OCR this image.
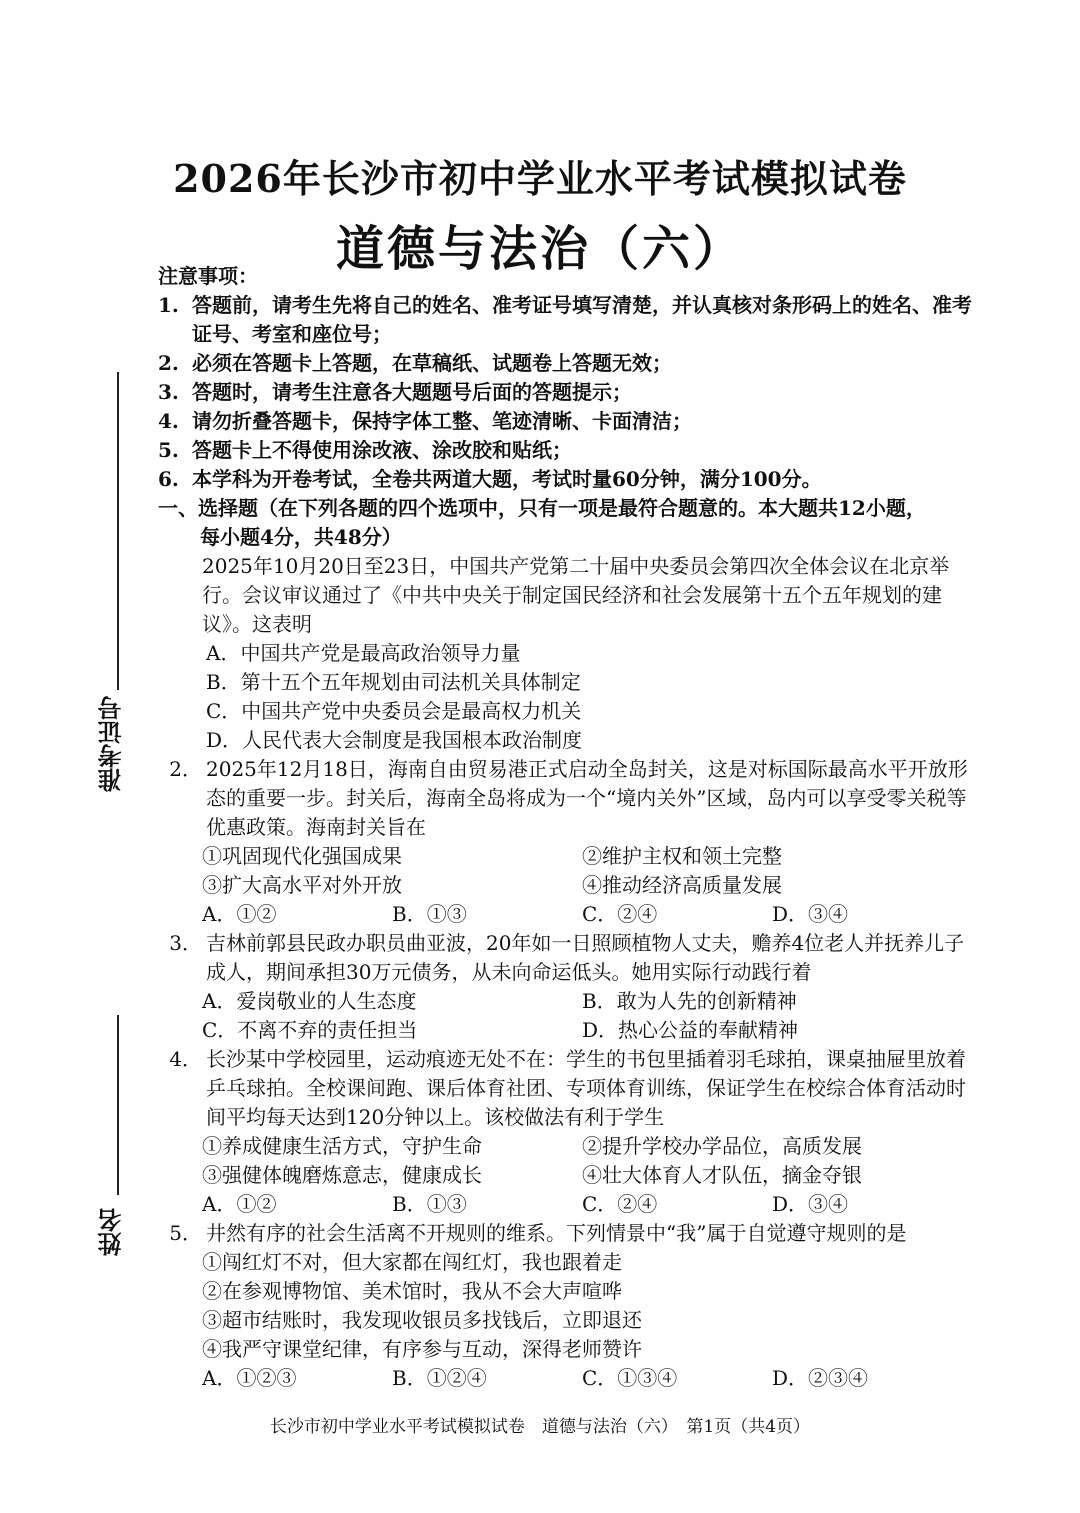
2026年长沙市初中学业水平考试模拟试卷
道德与法治（六）
准考证号
姓名
注意事项：
1. 答题前，请考生先将自己的姓名、准考证号填写清楚，并认真核对条形码上的姓名、准考证号、考室和座位号；
2. 必须在答题卡上答题，在草稿纸、试题卷上答题无效；
3. 答题时，请考生注意各大题题号后面的答题提示；
4. 请勿折叠答题卡，保持字体工整、笔迹清晰、卡面清洁；
5. 答题卡上不得使用涂改液、涂改胶和贴纸；
6. 本学科为开卷考试，全卷共两道大题，考试时量60分钟，满分100分。
一、选择题（在下列各题的四个选项中，只有一项是最符合题意的。本大题共12小题，
每小题4分，共48分）
2025年10月20日至23日，中国共产党第二十届中央委员会第四次全体会议在北京举行。会议审议通过了《中共中央关于制定国民经济和社会发展第十五个五年规划的建议》。这表明
A．中国共产党是最高政治领导力量
B．第十五个五年规划由司法机关具体制定
C．中国共产党中央委员会是最高权力机关
D．人民代表大会制度是我国根本政治制度
2． 2025年12月18日，海南自由贸易港正式启动全岛封关，这是对标国际最高水平开放形态的重要一步。封关后，海南全岛将成为一个“境内关外”区域，岛内可以享受零关税等优惠政策。海南封关旨在
①巩固现代化强国成果	②维护主权和领土完整
③扩大高水平对外开放	④推动经济高质量发展
A．①②	B．①③	C．②④	D．③④
3． 吉林前郭县民政办职员曲亚波，20年如一日照顾植物人丈夫，赡养4位老人并抚养儿子成人，期间承担30万元债务，从未向命运低头。她用实际行动践行着
A．爱岗敬业的人生态度	B．敢为人先的创新精神
C．不离不弃的责任担当	D．热心公益的奉献精神
4． 长沙某中学校园里，运动痕迹无处不在：学生的书包里插着羽毛球拍，课桌抽屉里放着乒乓球拍。全校课间跑、课后体育社团、专项体育训练，保证学生在校综合体育活动时间平均每天达到120分钟以上。该校做法有利于学生
①养成健康生活方式，守护生命	②提升学校办学品位，高质发展
③强健体魄磨炼意志，健康成长	④壮大体育人才队伍，摘金夺银
A．①②	B．①③	C．②④	D．③④
5． 井然有序的社会生活离不开规则的维系。下列情景中“我”属于自觉遵守规则的是
①闯红灯不对，但大家都在闯红灯，我也跟着走
②在参观博物馆、美术馆时，我从不会大声喧哗
③超市结账时，我发现收银员多找钱后，立即退还
④我严守课堂纪律，有序参与互动，深得老师赞许
A．①②③	B．①②④	C．①③④	D．②③④
长沙市初中学业水平考试模拟试卷　道德与法治（六）　第1页（共4页）
